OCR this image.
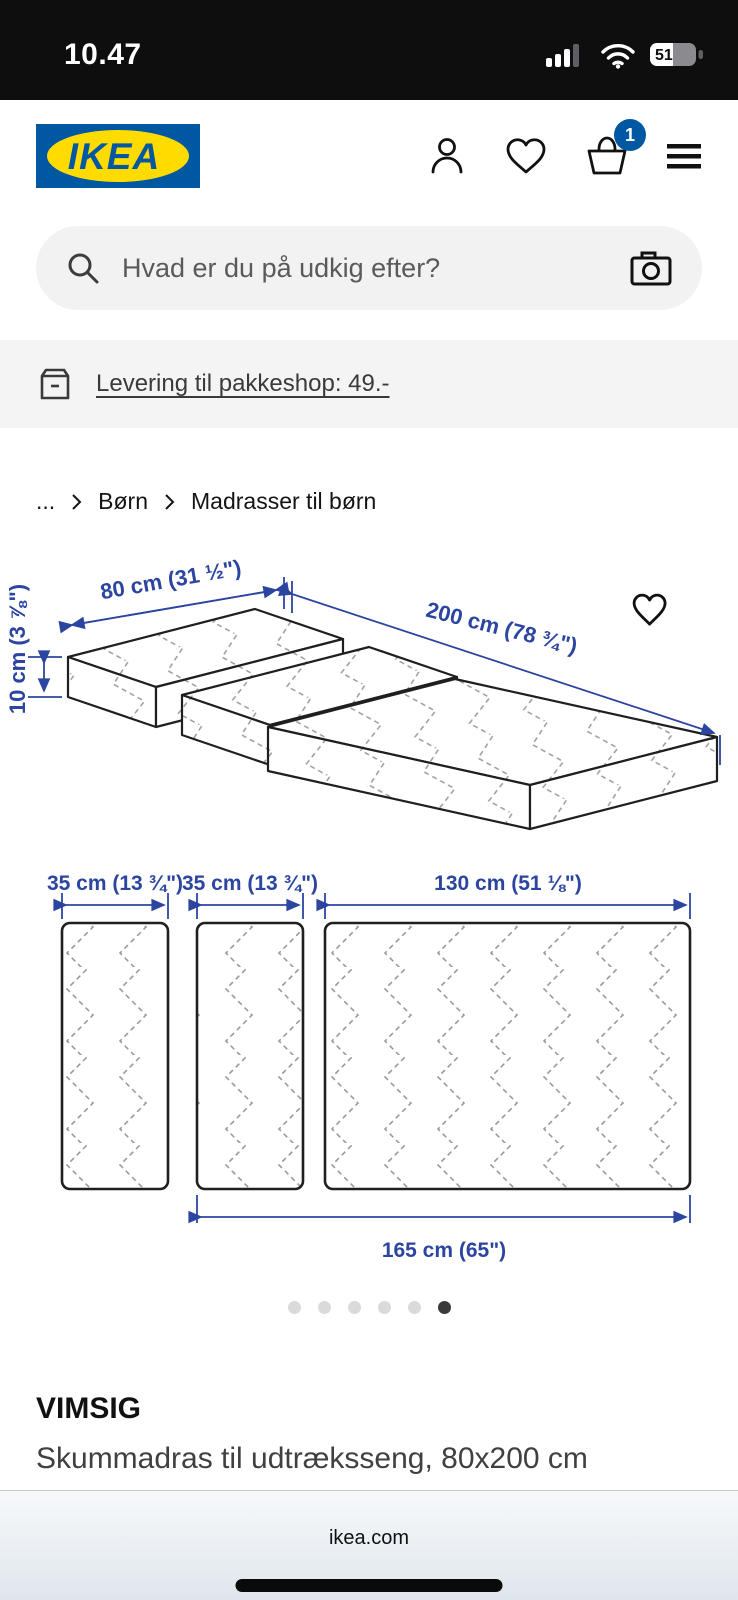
10.47	51
IKEA ®	1
Hvad er du på udkig efter?
Levering til pakkeshop: 49.-
... Børn Madrasser til børn
80 cm (31 ½")
200 cm (78 ¾")
10 cm (3 ⅞")
35 cm (13 ¾")
35 cm (13 ¾")	130 cm (51 ⅛")
165 cm (65")
VIMSIG
Skummadras til udtræksseng, 80x200 cm
ikea.com
